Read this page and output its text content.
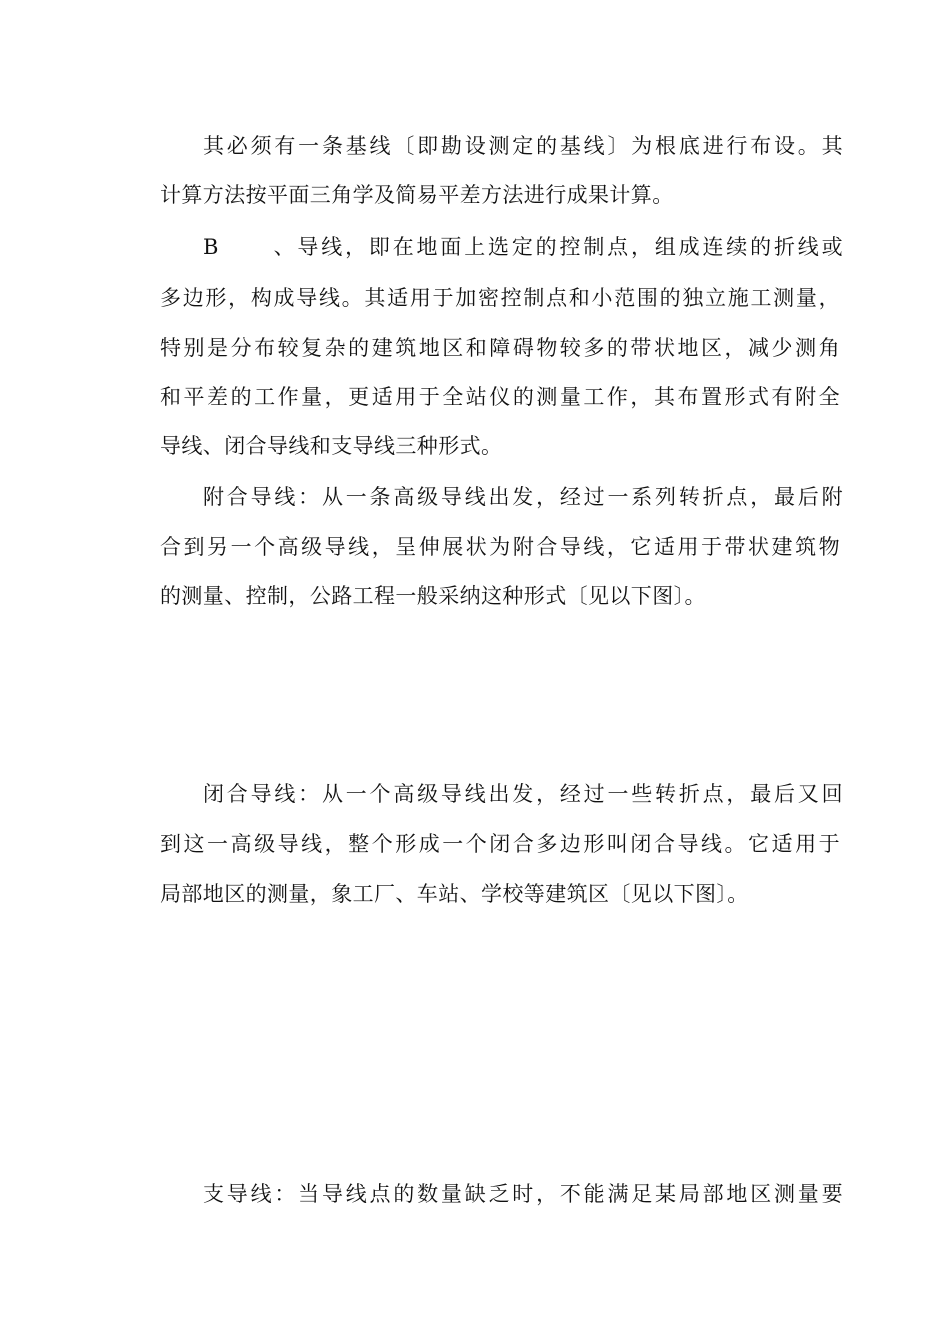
其必须有一条基线〔即勘设测定的基线〕为根底进行布设。其
计算方法按平面三角学及简易平差方法进行成果计算。
B、导线，即在地面上选定的控制点，组成连续的折线或
多边形，构成导线。其适用于加密控制点和小范围的独立施工测量，
特别是分布较复杂的建筑地区和障碍物较多的带状地区，减少测角
和平差的工作量，更适用于全站仪的测量工作，其布置形式有附全
导线、闭合导线和支导线三种形式。
附合导线：从一条高级导线出发，经过一系列转折点，最后附
合到另一个高级导线，呈伸展状为附合导线，它适用于带状建筑物
的测量、控制，公路工程一般采纳这种形式〔见以下图〕。
闭合导线：从一个高级导线出发，经过一些转折点，最后又回
到这一高级导线，整个形成一个闭合多边形叫闭合导线。它适用于
局部地区的测量，象工厂、车站、学校等建筑区〔见以下图〕。
支导线：当导线点的数量缺乏时，不能满足某局部地区测量要
